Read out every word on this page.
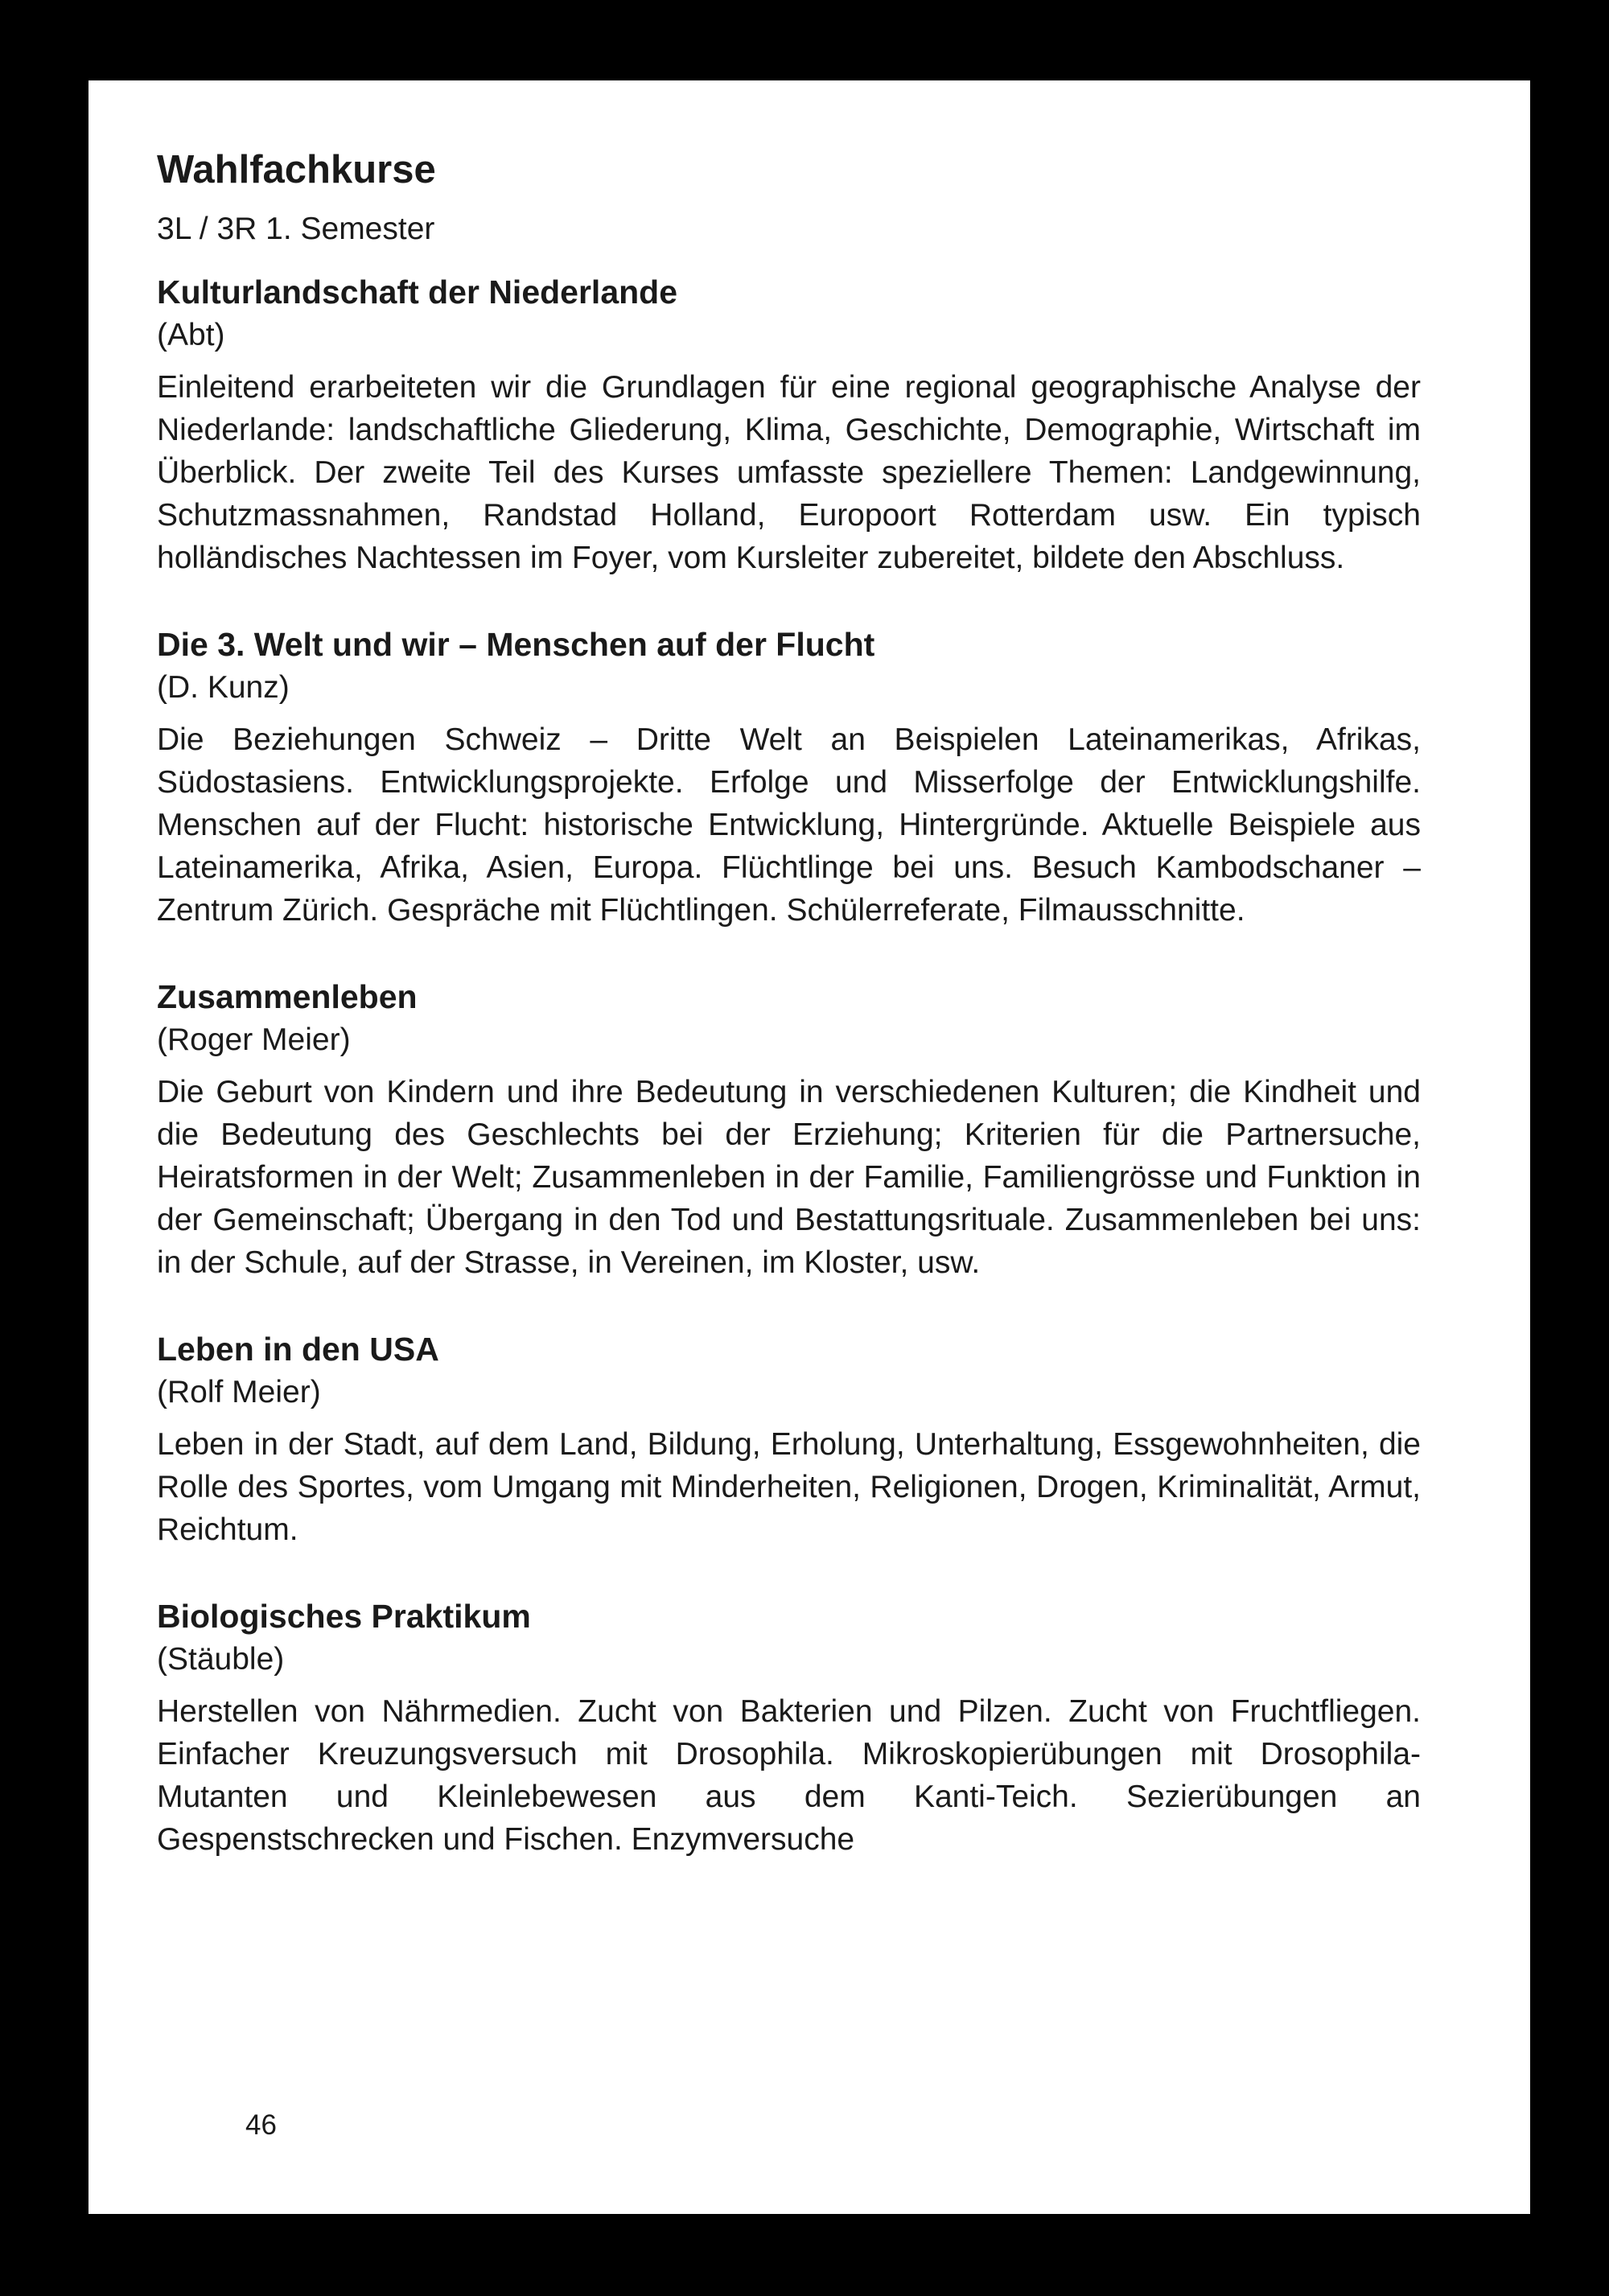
Wahlfachkurse
3L / 3R 1. Semester
Kulturlandschaft der Niederlande
(Abt)

Einleitend erarbeiteten wir die Grundlagen für eine regional geographische Analyse der Niederlande: landschaftliche Gliederung, Klima, Geschichte, Demographie, Wirtschaft im Überblick. Der zweite Teil des Kurses umfasste speziellere Themen: Landgewinnung, Schutzmassnahmen, Randstad Holland, Europoort Rotterdam usw. Ein typisch holländisches Nachtessen im Foyer, vom Kursleiter zubereitet, bildete den Abschluss.

Die 3. Welt und wir – Menschen auf der Flucht
(D. Kunz)

Die Beziehungen Schweiz – Dritte Welt an Beispielen Lateinamerikas, Afrikas, Südostasiens. Entwicklungsprojekte. Erfolge und Misserfolge der Entwicklungshilfe. Menschen auf der Flucht: historische Entwicklung, Hintergründe. Aktuelle Beispiele aus Lateinamerika, Afrika, Asien, Europa. Flüchtlinge bei uns. Besuch Kambodschaner – Zentrum Zürich. Gespräche mit Flüchtlingen. Schülerreferate, Filmausschnitte.

Zusammenleben
(Roger Meier)

Die Geburt von Kindern und ihre Bedeutung in verschiedenen Kulturen; die Kindheit und die Bedeutung des Geschlechts bei der Erziehung; Kriterien für die Partnersuche, Heiratsformen in der Welt; Zusammenleben in der Familie, Familiengrösse und Funktion in der Gemeinschaft; Übergang in den Tod und Bestattungsrituale. Zusammenleben bei uns: in der Schule, auf der Strasse, in Vereinen, im Kloster, usw.

Leben in den USA
(Rolf Meier)

Leben in der Stadt, auf dem Land, Bildung, Erholung, Unterhaltung, Essgewohnheiten, die Rolle des Sportes, vom Umgang mit Minderheiten, Religionen, Drogen, Kriminalität, Armut, Reichtum.

Biologisches Praktikum
(Stäuble)

Herstellen von Nährmedien. Zucht von Bakterien und Pilzen. Zucht von Fruchtfliegen. Einfacher Kreuzungsversuch mit Drosophila. Mikroskopierübungen mit Drosophila-Mutanten und Kleinlebewesen aus dem Kanti-Teich. Sezierübungen an Gespenstschrecken und Fischen. Enzymversuche

46
